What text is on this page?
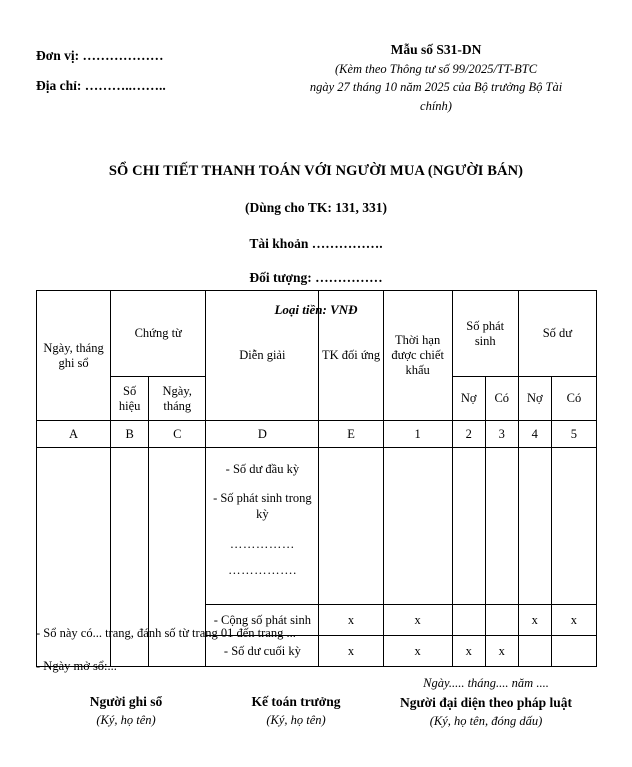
Đơn vị: ………………
Địa chỉ: ………..……..
Mẫu số S31-DN
(Kèm theo Thông tư số 99/2025/TT-BTC
ngày 27 tháng 10 năm 2025 của Bộ trưởng Bộ Tài
chính)
SỔ CHI TIẾT THANH TOÁN VỚI NGƯỜI MUA (NGƯỜI BÁN)
(Dùng cho TK: 131, 331)
Tài khoản …………….
Đối tượng: ……………
Loại tiền: VNĐ
Ngày, tháng ghi sổ	Chứng từ		Diễn giải	TK đối ứng	Thời hạn được chiết khấu	Số phát sinh		Số dư	
	Số hiệu	Ngày, tháng				Nợ	Có	Nợ	Có
A	B	C	D	E	1	2	3	4	5

			- Số dư đầu kỳ
- Số phát sinh trong kỳ
……………
…………….						

			- Cộng số phát sinh	x	x			x	x
			- Số dư cuối kỳ	x	x	x	x		
- Sổ này có... trang, đánh số từ trang 01 đến trang ...
- Ngày mở sổ:...
Người ghi sổ
(Ký, họ tên)
Kế toán trưởng
(Ký, họ tên)
Ngày..... tháng.... năm ....
Người đại diện theo pháp luật
(Ký, họ tên, đóng dấu)
